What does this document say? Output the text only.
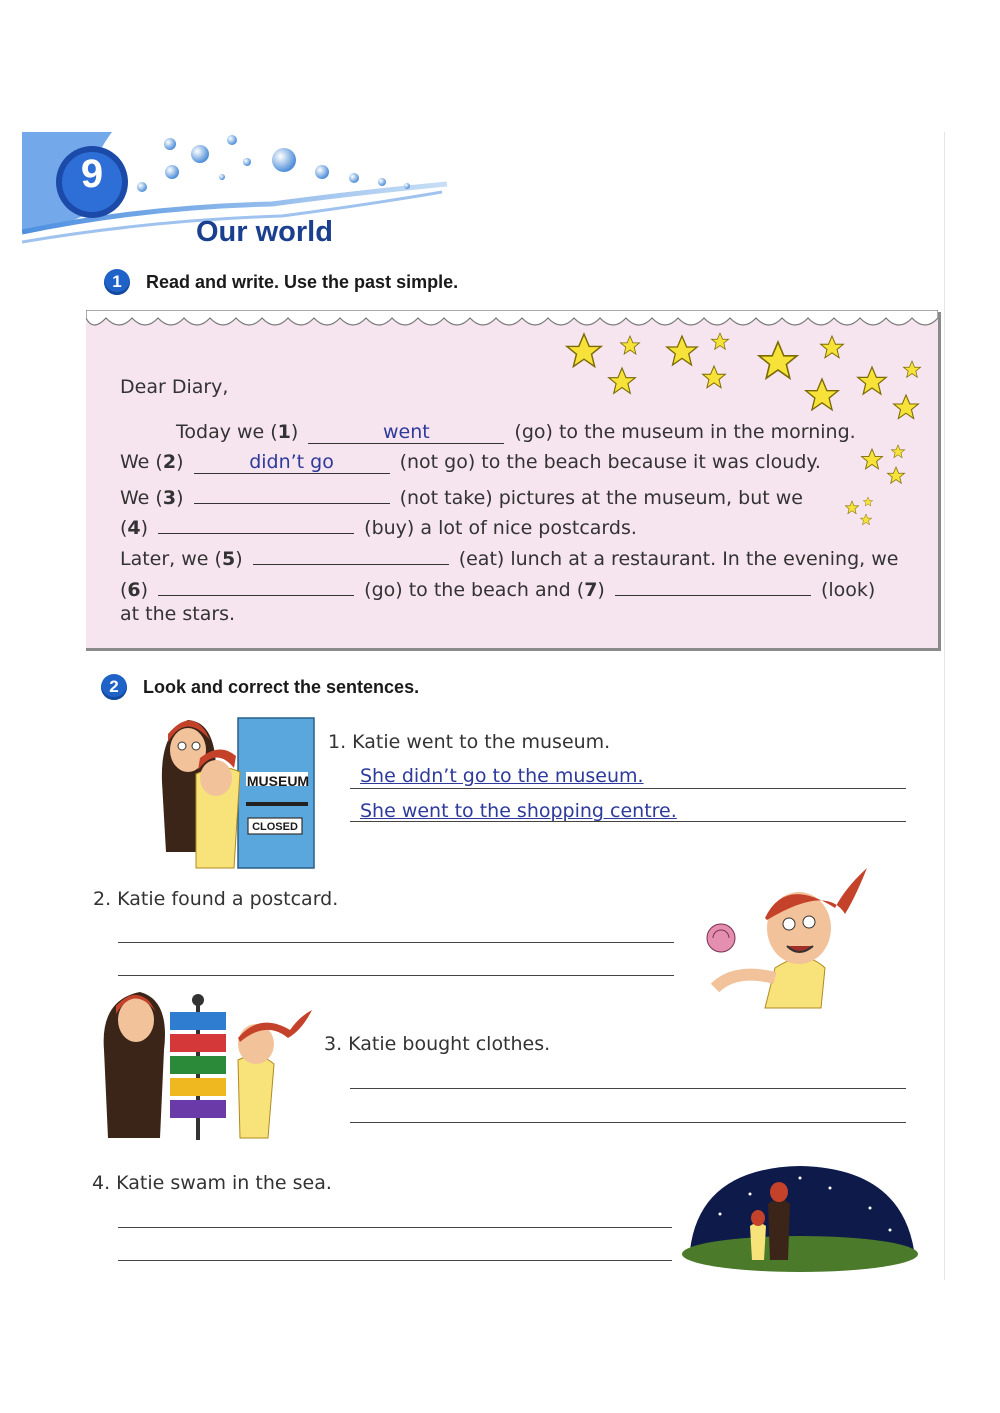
9
Our world
1	Read and write. Use the past simple.
Dear Diary,
Today we (1)	went	(go) to the museum in the morning.
We (2)	didn’t go	(not go) to the beach because it was cloudy.
We (3)	(not take) pictures at the museum, but we
(4)	(buy) a lot of nice postcards.
Later, we (5)	(eat) lunch at a restaurant. In the evening, we
(6)	(go) to the beach and (7)	(look)
at the stars.
2	Look and correct the sentences.
MUSEUM
CLOSED
1. Katie went to the museum.
She didn’t go to the museum.
She went to the shopping centre.
2. Katie found a postcard.
3. Katie bought clothes.
4. Katie swam in the sea.
